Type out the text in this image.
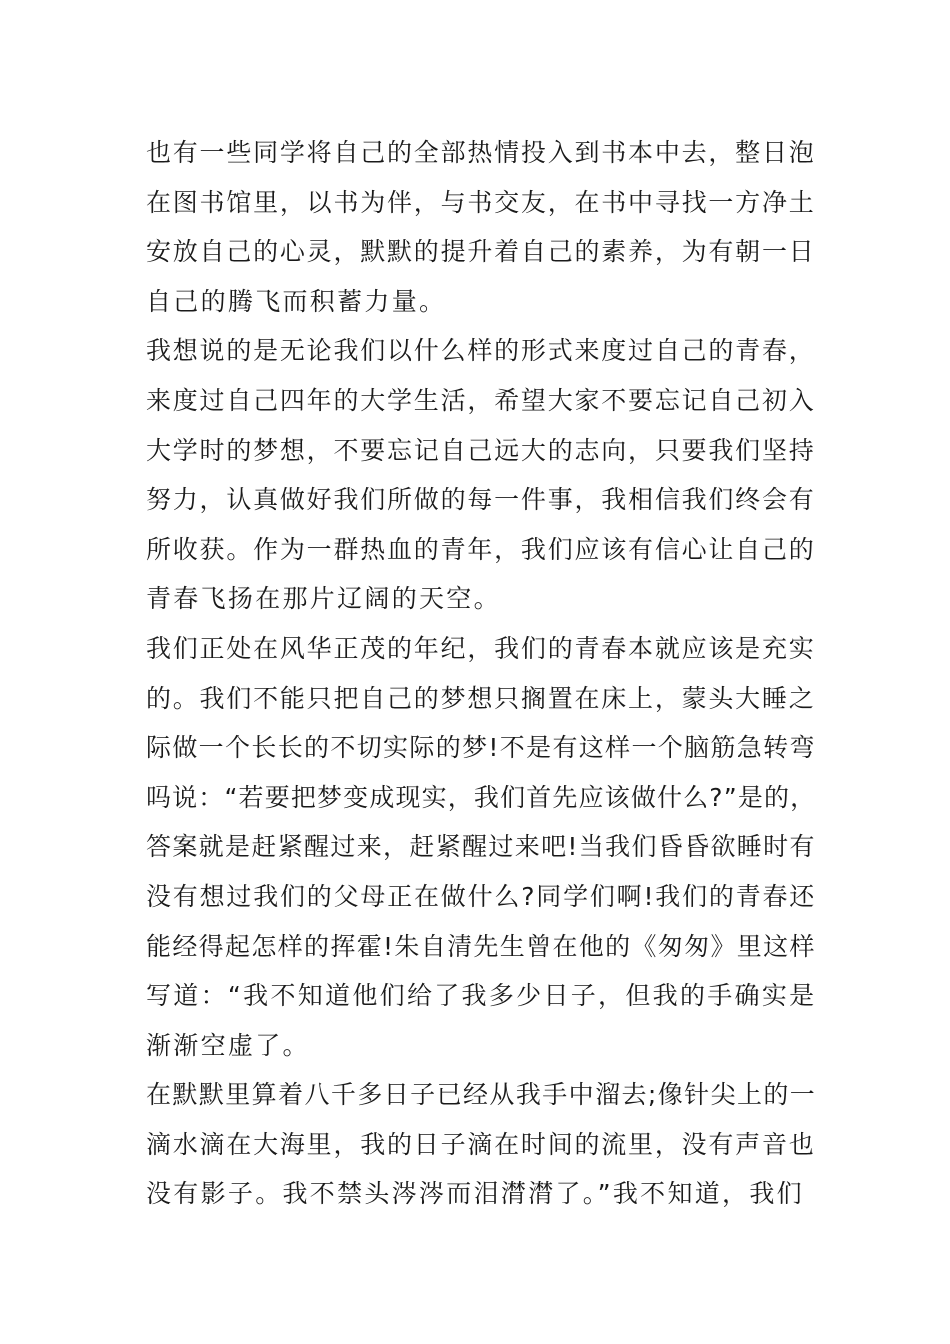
也有一些同学将自己的全部热情投入到书本中去，整日泡
在图书馆里，以书为伴，与书交友，在书中寻找一方净土
安放自己的心灵，默默的提升着自己的素养，为有朝一日
自己的腾飞而积蓄力量。
我想说的是无论我们以什么样的形式来度过自己的青春，
来度过自己四年的大学生活，希望大家不要忘记自己初入
大学时的梦想，不要忘记自己远大的志向，只要我们坚持
努力，认真做好我们所做的每一件事，我相信我们终会有
所收获。作为一群热血的青年，我们应该有信心让自己的
青春飞扬在那片辽阔的天空。
我们正处在风华正茂的年纪，我们的青春本就应该是充实
的。我们不能只把自己的梦想只搁置在床上，蒙头大睡之
际做一个长长的不切实际的梦!不是有这样一个脑筋急转弯
吗说：“若要把梦变成现实，我们首先应该做什么?”是的，
答案就是赶紧醒过来，赶紧醒过来吧!当我们昏昏欲睡时有
没有想过我们的父母正在做什么?同学们啊!我们的青春还
能经得起怎样的挥霍!朱自清先生曾在他的《匆匆》里这样
写道：“我不知道他们给了我多少日子，但我的手确实是
渐渐空虚了。
在默默里算着八千多日子已经从我手中溜去;像针尖上的一
滴水滴在大海里，我的日子滴在时间的流里，没有声音也
没有影子。我不禁头涔涔而泪潸潸了。”我不知道，我们
